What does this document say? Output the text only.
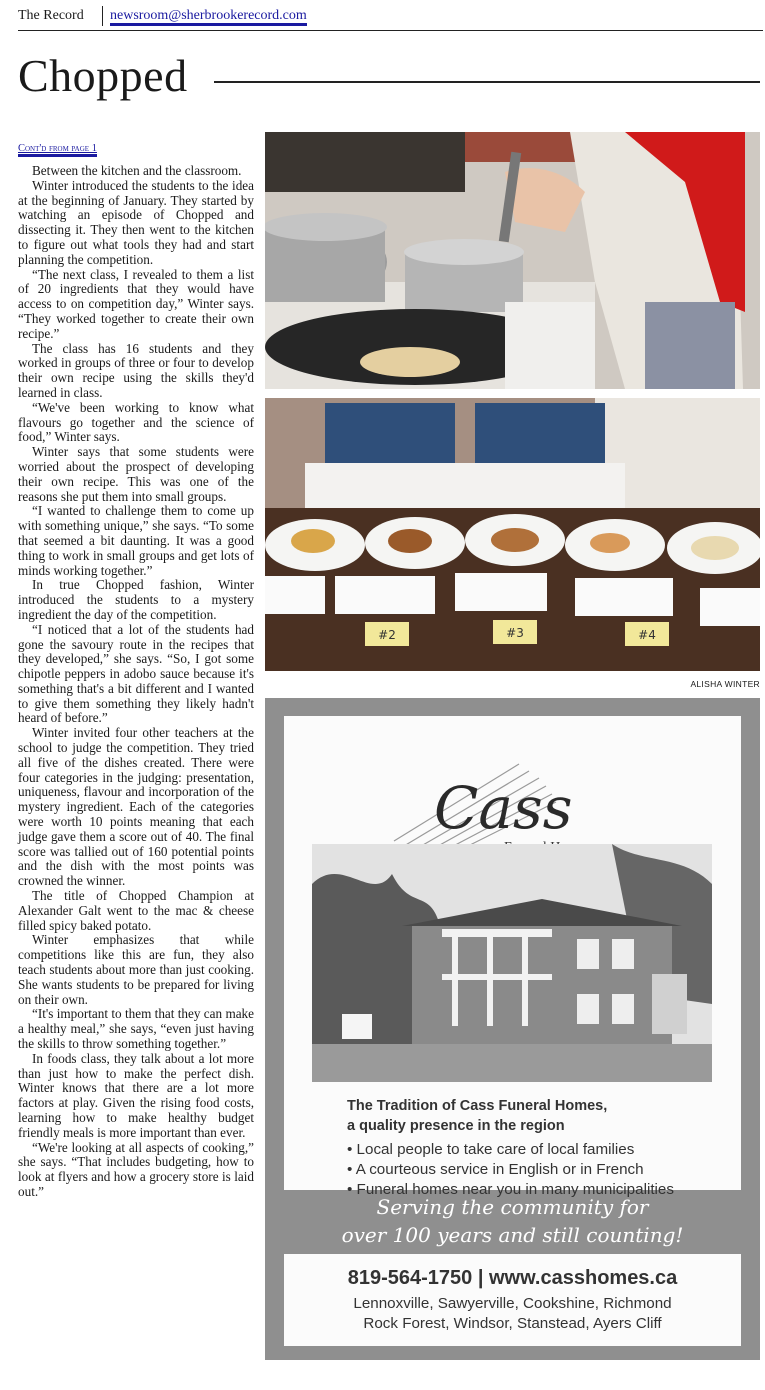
The Record newsroom@sherbrookerecord.com
Chopped
Cont'd from page 1

Between the kitchen and the classroom.

Winter introduced the students to the idea at the beginning of January. They started by watching an episode of Chopped and dissecting it. They then went to the kitchen to figure out what tools they had and start planning the competition.

“The next class, I revealed to them a list of 20 ingredients that they would have access to on competition day,” Winter says. “They worked together to create their own recipe.”

The class has 16 students and they worked in groups of three or four to develop their own recipe using the skills they'd learned in class.

“We've been working to know what flavours go together and the science of food,” Winter says.

Winter says that some students were worried about the prospect of developing their own recipe. This was one of the reasons she put them into small groups.

“I wanted to challenge them to come up with something unique,” she says. “To some that seemed a bit daunting. It was a good thing to work in small groups and get lots of minds working together.”

In true Chopped fashion, Winter introduced the students to a mystery ingredient the day of the competition.

“I noticed that a lot of the students had gone the savoury route in the recipes that they developed,” she says. “So, I got some chipotle peppers in adobo sauce because it's something that's a bit different and I wanted to give them something they likely hadn't heard of before.”

Winter invited four other teachers at the school to judge the competition. They tried all five of the dishes created. There were four categories in the judging: presentation, uniqueness, flavour and incorporation of the mystery ingredient. Each of the categories were worth 10 points meaning that each judge gave them a score out of 40. The final score was tallied out of 160 potential points and the dish with the most points was crowned the winner.

The title of Chopped Champion at Alexander Galt went to the mac & cheese filled spicy baked potato.

Winter emphasizes that while competitions like this are fun, they also teach students about more than just cooking. She wants students to be prepared for living on their own.

“It's important to them that they can make a healthy meal,” she says, “even just having the skills to throw something together.”

In foods class, they talk about a lot more than just how to make the perfect dish. Winter knows that there are a lot more factors at play. Given the rising food costs, learning how to make healthy budget friendly meals is more important than ever.

“We're looking at all aspects of cooking,” she says. “That includes budgeting, how to look at flyers and how a grocery store is laid out.”

#2	#3	#4
ALISHA WINTER
Cass
The Tradition of Cass Funeral Homes,
a quality presence in the region
• Local people to take care of local families
• A courteous service in English or in French
• Funeral homes near you in many municipalities
Serving the community for
over 100 years and still counting!
819-564-1750 | www.casshomes.ca
Lennoxville, Sawyerville, Cookshine, Richmond
Rock Forest, Windsor, Stanstead, Ayers Cliff
